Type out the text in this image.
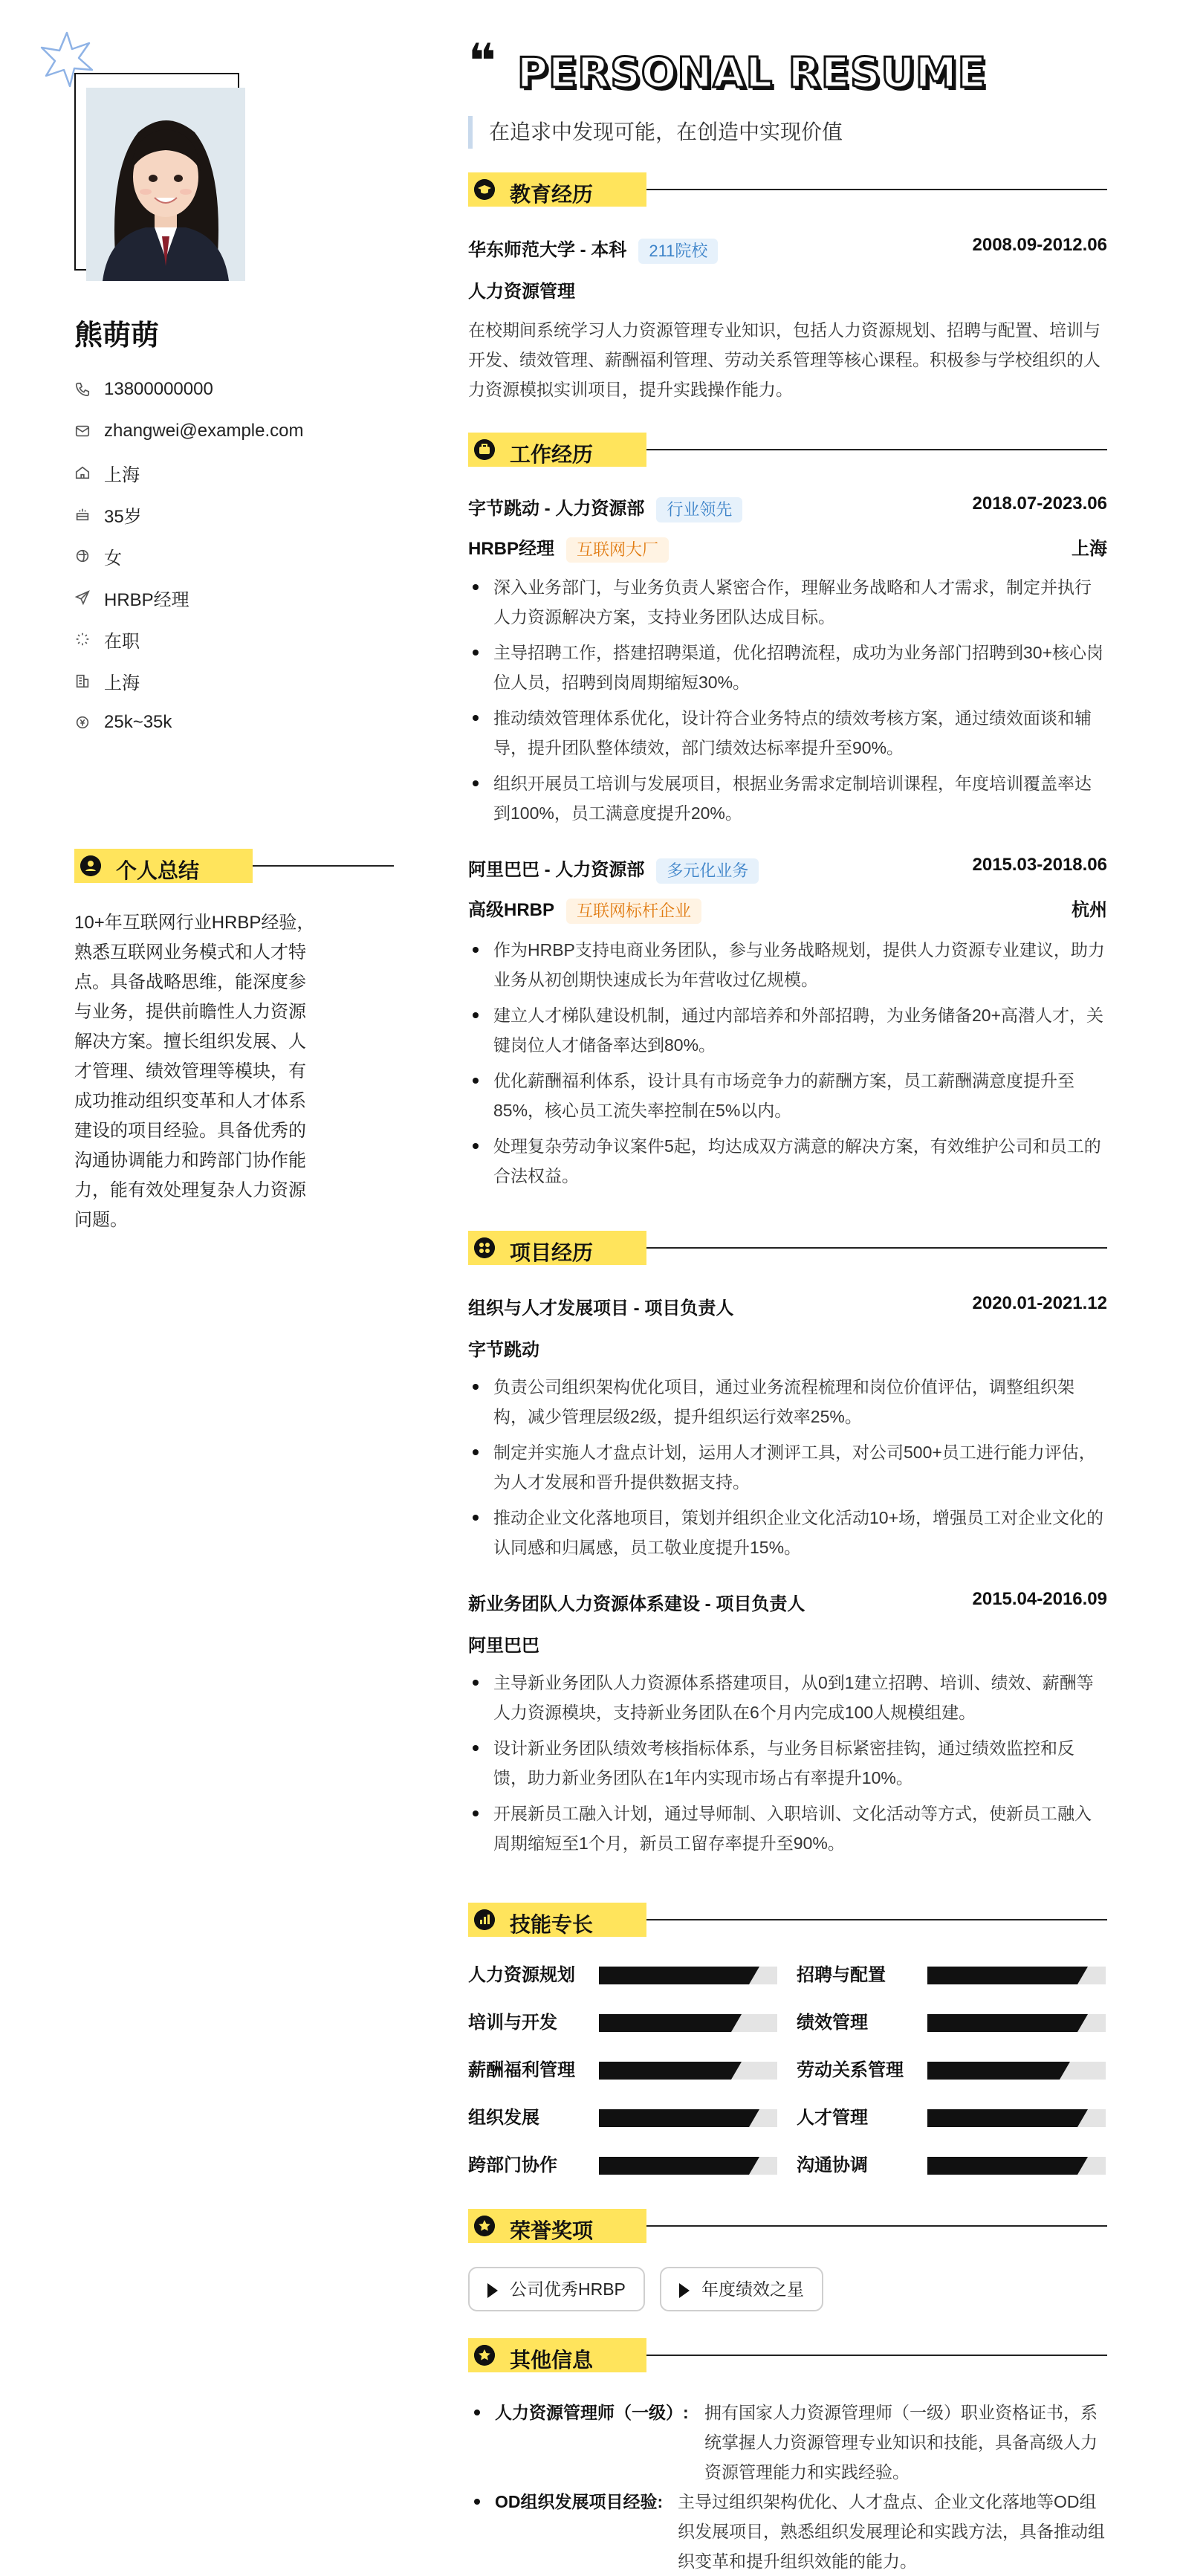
熊萌萌
13800000000
zhangwei@example.com
上海
35岁
女
HRBP经理
在职
上海
25k~35k
个人总结
10+年互联网行业HRBP经验，熟悉互联网业务模式和人才特点。具备战略思维，能深度参与业务，提供前瞻性人力资源解决方案。擅长组织发展、人才管理、绩效管理等模块，有成功推动组织变革和人才体系建设的项目经验。具备优秀的沟通协调能力和跨部门协作能力，能有效处理复杂人力资源问题。
❝ PERSONAL RESUME
在追求中发现可能，在创造中实现价值
教育经历
华东师范大学 - 本科 211院校	2008.09-2012.06
人力资源管理
在校期间系统学习人力资源管理专业知识，包括人力资源规划、招聘与配置、培训与开发、绩效管理、薪酬福利管理、劳动关系管理等核心课程。积极参与学校组织的人力资源模拟实训项目，提升实践操作能力。
工作经历
字节跳动 - 人力资源部 行业领先	2018.07-2023.06
HRBP经理 互联网大厂	上海
深入业务部门，与业务负责人紧密合作，理解业务战略和人才需求，制定并执行人力资源解决方案，支持业务团队达成目标。
主导招聘工作，搭建招聘渠道，优化招聘流程，成功为业务部门招聘到30+核心岗位人员，招聘到岗周期缩短30%。
推动绩效管理体系优化，设计符合业务特点的绩效考核方案，通过绩效面谈和辅导，提升团队整体绩效，部门绩效达标率提升至90%。
组织开展员工培训与发展项目，根据业务需求定制培训课程，年度培训覆盖率达到100%，员工满意度提升20%。
阿里巴巴 - 人力资源部 多元化业务	2015.03-2018.06
高级HRBP 互联网标杆企业	杭州
作为HRBP支持电商业务团队，参与业务战略规划，提供人力资源专业建议，助力业务从初创期快速成长为年营收过亿规模。
建立人才梯队建设机制，通过内部培养和外部招聘，为业务储备20+高潜人才，关键岗位人才储备率达到80%。
优化薪酬福利体系，设计具有市场竞争力的薪酬方案，员工薪酬满意度提升至85%，核心员工流失率控制在5%以内。
处理复杂劳动争议案件5起，均达成双方满意的解决方案，有效维护公司和员工的合法权益。
项目经历
组织与人才发展项目 - 项目负责人	2020.01-2021.12
字节跳动
负责公司组织架构优化项目，通过业务流程梳理和岗位价值评估，调整组织架构，减少管理层级2级，提升组织运行效率25%。
制定并实施人才盘点计划，运用人才测评工具，对公司500+员工进行能力评估，为人才发展和晋升提供数据支持。
推动企业文化落地项目，策划并组织企业文化活动10+场，增强员工对企业文化的认同感和归属感，员工敬业度提升15%。
新业务团队人力资源体系建设 - 项目负责人	2015.04-2016.09
阿里巴巴
主导新业务团队人力资源体系搭建项目，从0到1建立招聘、培训、绩效、薪酬等人力资源模块，支持新业务团队在6个月内完成100人规模组建。
设计新业务团队绩效考核指标体系，与业务目标紧密挂钩，通过绩效监控和反馈，助力新业务团队在1年内实现市场占有率提升10%。
开展新员工融入计划，通过导师制、入职培训、文化活动等方式，使新员工融入周期缩短至1个月，新员工留存率提升至90%。
技能专长
人力资源规划	招聘与配置
培训与开发	绩效管理
薪酬福利管理	劳动关系管理
组织发展	人才管理
跨部门协作	沟通协调
荣誉奖项
公司优秀HRBP	年度绩效之星
其他信息
人力资源管理师（一级）: 拥有国家人力资源管理师（一级）职业资格证书，系统掌握人力资源管理专业知识和技能，具备高级人力资源管理能力和实践经验。
OD组织发展项目经验: 主导过组织架构优化、人才盘点、企业文化落地等OD组织发展项目，熟悉组织发展理论和实践方法，具备推动组织变革和提升组织效能的能力。
